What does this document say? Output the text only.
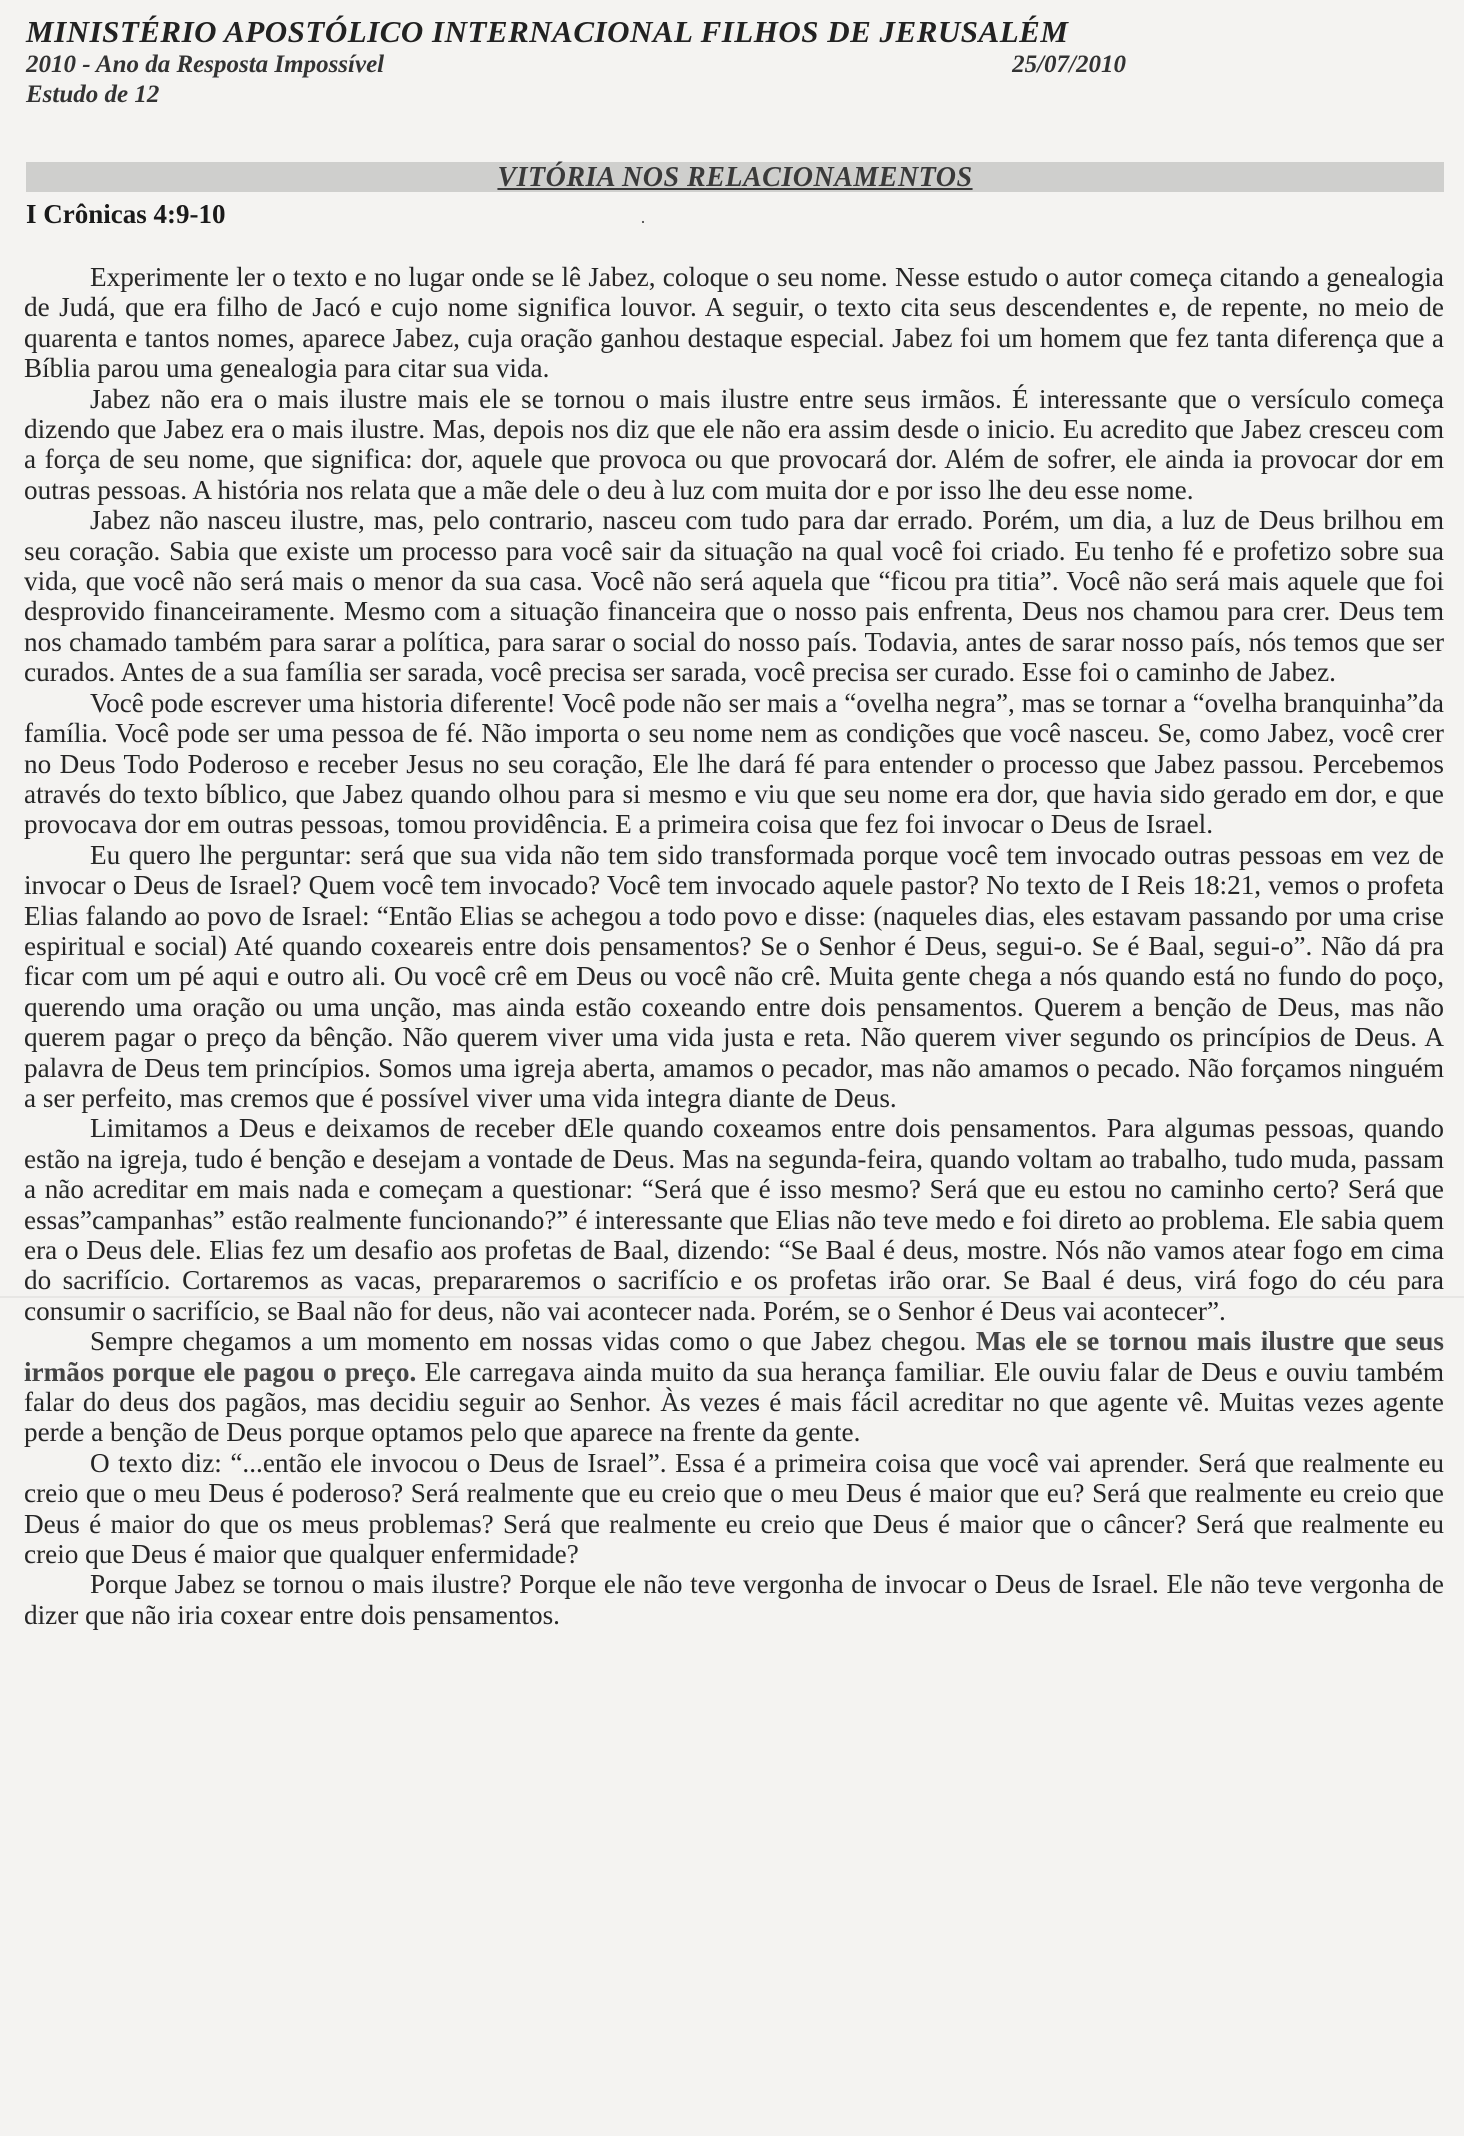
MINISTÉRIO APOSTÓLICO INTERNACIONAL FILHOS DE JERUSALÉM
2010 - Ano da Resposta Impossível	25/07/2010
Estudo de 12
VITÓRIA NOS RELACIONAMENTOS
I Crônicas 4:9-10	·

Experimente ler o texto e no lugar onde se lê Jabez, coloque o seu nome. Nesse estudo o autor começa citando a genealogia de Judá, que era filho de Jacó e cujo nome significa louvor. A seguir, o texto cita seus descendentes e, de repente, no meio de quarenta e tantos nomes, aparece Jabez, cuja oração ganhou destaque especial. Jabez foi um homem que fez tanta diferença que a Bíblia parou uma genealogia para citar sua vida.

Jabez não era o mais ilustre mais ele se tornou o mais ilustre entre seus irmãos. É interessante que o versículo começa dizendo que Jabez era o mais ilustre. Mas, depois nos diz que ele não era assim desde o inicio. Eu acredito que Jabez cresceu com a força de seu nome, que significa: dor, aquele que provoca ou que provocará dor. Além de sofrer, ele ainda ia provocar dor em outras pessoas. A história nos relata que a mãe dele o deu à luz com muita dor e por isso lhe deu esse nome.

Jabez não nasceu ilustre, mas, pelo contrario, nasceu com tudo para dar errado. Porém, um dia, a luz de Deus brilhou em seu coração. Sabia que existe um processo para você sair da situação na qual você foi criado. Eu tenho fé e profetizo sobre sua vida, que você não será mais o menor da sua casa. Você não será aquela que “ficou pra titia”. Você não será mais aquele que foi desprovido financeiramente. Mesmo com a situação financeira que o nosso pais enfrenta, Deus nos chamou para crer. Deus tem nos chamado também para sarar a política, para sarar o social do nosso país. Todavia, antes de sarar nosso país, nós temos que ser curados. Antes de a sua família ser sarada, você precisa ser sarada, você precisa ser curado. Esse foi o caminho de Jabez.

Você pode escrever uma historia diferente! Você pode não ser mais a “ovelha negra”, mas se tornar a “ovelha branquinha”da família. Você pode ser uma pessoa de fé. Não importa o seu nome nem as condições que você nasceu. Se, como Jabez, você crer no Deus Todo Poderoso e receber Jesus no seu coração, Ele lhe dará fé para entender o processo que Jabez passou. Percebemos através do texto bíblico, que Jabez quando olhou para si mesmo e viu que seu nome era dor, que havia sido gerado em dor, e que provocava dor em outras pessoas, tomou providência. E a primeira coisa que fez foi invocar o Deus de Israel.

Eu quero lhe perguntar: será que sua vida não tem sido transformada porque você tem invocado outras pessoas em vez de invocar o Deus de Israel? Quem você tem invocado? Você tem invocado aquele pastor? No texto de I Reis 18:21, vemos o profeta Elias falando ao povo de Israel: “Então Elias se achegou a todo povo e disse: (naqueles dias, eles estavam passando por uma crise espiritual e social) Até quando coxeareis entre dois pensamentos? Se o Senhor é Deus, segui-o. Se é Baal, segui-o”. Não dá pra ficar com um pé aqui e outro ali. Ou você crê em Deus ou você não crê. Muita gente chega a nós quando está no fundo do poço, querendo uma oração ou uma unção, mas ainda estão coxeando entre dois pensamentos. Querem a benção de Deus, mas não querem pagar o preço da bênção. Não querem viver uma vida justa e reta. Não querem viver segundo os princípios de Deus. A palavra de Deus tem princípios. Somos uma igreja aberta, amamos o pecador, mas não amamos o pecado. Não forçamos ninguém a ser perfeito, mas cremos que é possível viver uma vida integra diante de Deus.

Limitamos a Deus e deixamos de receber dEle quando coxeamos entre dois pensamentos. Para algumas pessoas, quando estão na igreja, tudo é benção e desejam a vontade de Deus. Mas na segunda-feira, quando voltam ao trabalho, tudo muda, passam a não acreditar em mais nada e começam a questionar: “Será que é isso mesmo? Será que eu estou no caminho certo? Será que essas”campanhas” estão realmente funcionando?” é interessante que Elias não teve medo e foi direto ao problema. Ele sabia quem era o Deus dele. Elias fez um desafio aos profetas de Baal, dizendo: “Se Baal é deus, mostre. Nós não vamos atear fogo em cima do sacrifício. Cortaremos as vacas, prepararemos o sacrifício e os profetas irão orar. Se Baal é deus, virá fogo do céu para consumir o sacrifício, se Baal não for deus, não vai acontecer nada. Porém, se o Senhor é Deus vai acontecer”.

Sempre chegamos a um momento em nossas vidas como o que Jabez chegou. Mas ele se tornou mais ilustre que seus irmãos porque ele pagou o preço. Ele carregava ainda muito da sua herança familiar. Ele ouviu falar de Deus e ouviu também falar do deus dos pagãos, mas decidiu seguir ao Senhor. Às vezes é mais fácil acreditar no que agente vê. Muitas vezes agente perde a benção de Deus porque optamos pelo que aparece na frente da gente.

O texto diz: “...então ele invocou o Deus de Israel”. Essa é a primeira coisa que você vai aprender. Será que realmente eu creio que o meu Deus é poderoso? Será realmente que eu creio que o meu Deus é maior que eu? Será que realmente eu creio que Deus é maior do que os meus problemas? Será que realmente eu creio que Deus é maior que o câncer? Será que realmente eu creio que Deus é maior que qualquer enfermidade?

Porque Jabez se tornou o mais ilustre? Porque ele não teve vergonha de invocar o Deus de Israel. Ele não teve vergonha de dizer que não iria coxear entre dois pensamentos.
